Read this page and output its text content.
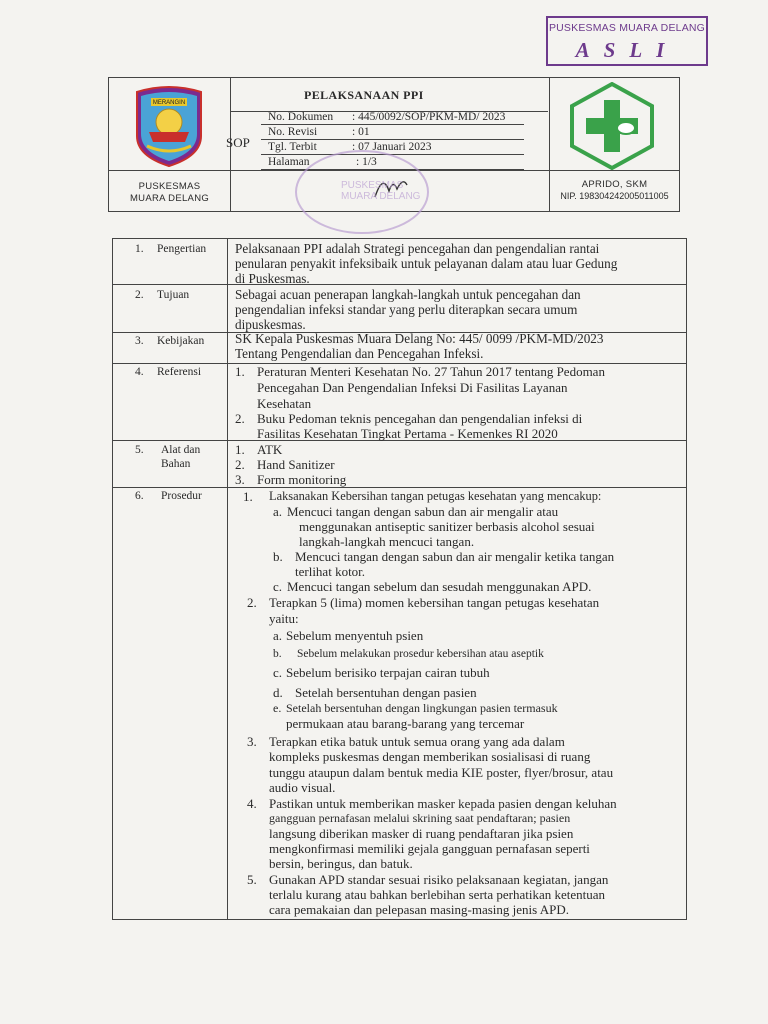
PUSKESMAS MUARA DELANG
ASLI
MERANGIN
PUSKESMAS
MUARA DELANG
PELAKSANAAN PPI
SOP
No. Dokumen : 445/0092/SOP/PKM-MD/ 2023
No. Revisi	: 01
Tgl. Terbit	: 07 Januari 2023
Halaman	: 1/3
APRIDO, SKM
NIP. 198304242005011005
PUSKESMAS MUARA DELANG
1. Pengertian Pelaksanaan PPI adalah Strategi pencegahan dan pengendalian rantai
penularan penyakit infeksibaik untuk pelayanan dalam atau luar Gedung
di Puskesmas.
2. Tujuan	Sebagai acuan penerapan langkah-langkah untuk pencegahan dan
pengendalian infeksi standar yang perlu diterapkan secara umum
dipuskesmas.
3. Kebijakan SK Kepala Puskesmas Muara Delang No: 445/ 0099 /PKM-MD/2023
Tentang Pengendalian dan Pencegahan Infeksi.
4. Referensi	1. Peraturan Menteri Kesehatan No. 27 Tahun 2017 tentang Pedoman
Pencegahan Dan Pengendalian Infeksi Di Fasilitas Layanan
Kesehatan
2. Buku Pedoman teknis pencegahan dan pengendalian infeksi di
Fasilitas Kesehatan Tingkat Pertama - Kemenkes RI 2020
5. Alat dan
Bahan
1. ATK
2. Hand Sanitizer
3. Form monitoring
6. Prosedur	1. Laksanakan Kebersihan tangan petugas kesehatan yang mencakup:
a. Mencuci tangan dengan sabun dan air mengalir atau
menggunakan antiseptic sanitizer berbasis alcohol sesuai
langkah-langkah mencuci tangan.
b. Mencuci tangan dengan sabun dan air mengalir ketika tangan
terlihat kotor.
c. Mencuci tangan sebelum dan sesudah menggunakan APD.
2. Terapkan 5 (lima) momen kebersihan tangan petugas kesehatan
yaitu:
a. Sebelum menyentuh psien
b. Sebelum melakukan prosedur kebersihan atau aseptik
c. Sebelum berisiko terpajan cairan tubuh
d. Setelah bersentuhan dengan pasien
e. Setelah bersentuhan dengan lingkungan pasien termasuk
permukaan atau barang-barang yang tercemar
3. Terapkan etika batuk untuk semua orang yang ada dalam
kompleks puskesmas dengan memberikan sosialisasi di ruang
tunggu ataupun dalam bentuk media KIE poster, flyer/brosur, atau
audio visual.
4. Pastikan untuk memberikan masker kepada pasien dengan keluhan
gangguan pernafasan melalui skrining saat pendaftaran; pasien
langsung diberikan masker di ruang pendaftaran jika psien
mengkonfirmasi memiliki gejala gangguan pernafasan seperti
bersin, beringus, dan batuk.
5. Gunakan APD standar sesuai risiko pelaksanaan kegiatan, jangan
terlalu kurang atau bahkan berlebihan serta perhatikan ketentuan
cara pemakaian dan pelepasan masing-masing jenis APD.
